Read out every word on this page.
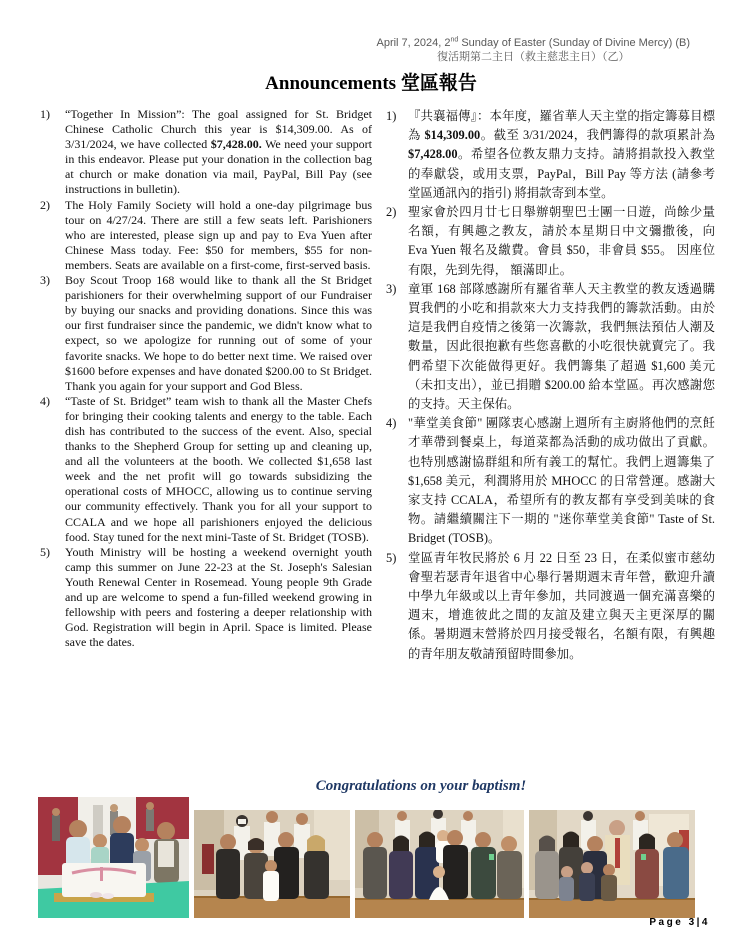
April 7, 2024, 2nd Sunday of Easter (Sunday of Divine Mercy) (B)
復活期第二主日（救主慈悲主日）（乙）
Announcements 堂區報告
1)	“Together In Mission”: The goal assigned for St. Bridget Chinese Catholic Church this year is $14,309.00. As of 3/31/2024, we have collected $7,428.00. We need your support in this endeavor. Please put your donation in the collection bag at church or make donation via mail, PayPal, Bill Pay (see instructions in bulletin).
2)	The Holy Family Society will hold a one-day pilgrimage bus tour on 4/27/24. There are still a few seats left. Parishioners who are interested, please sign up and pay to Eva Yuen after Chinese Mass today. Fee: $50 for members, $55 for non-members. Seats are available on a first-come, first-served basis.
3)	Boy Scout Troop 168 would like to thank all the St Bridget parishioners for their overwhelming support of our Fundraiser by buying our snacks and providing donations. Since this was our first fundraiser since the pandemic, we didn't know what to expect, so we apologize for running out of some of your favorite snacks. We hope to do better next time. We raised over $1600 before expenses and have donated $200.00 to St Bridget. Thank you again for your support and God Bless.
4)	“Taste of St. Bridget” team wish to thank all the Master Chefs for bringing their cooking talents and energy to the table. Each dish has contributed to the success of the event. Also, special thanks to the Shepherd Group for setting up and cleaning up, and all the volunteers at the booth. We collected $1,658 last week and the net profit will go towards subsidizing the operational costs of MHOCC, allowing us to continue serving our community effectively. Thank you for all your support to CCALA and we hope all parishioners enjoyed the delicious food. Stay tuned for the next mini-Taste of St. Bridget (TOSB).
5)	Youth Ministry will be hosting a weekend overnight youth camp this summer on June 22-23 at the St. Joseph's Salesian Youth Renewal Center in Rosemead. Young people 9th Grade and up are welcome to spend a fun-filled weekend growing in fellowship with peers and fostering a deeper relationship with God. Registration will begin in April. Space is limited. Please save the dates.
1) 『共襄福傳』：本年度，羅省華人天主堂的指定籌募目標為 $14,309.00。截至 3/31/2024，我們籌得的款項累計為 $7,428.00。希望各位教友鼎力支持。請將捐款投入教堂的奉獻袋，或用支票，PayPal，Bill Pay 等方法 (請參考堂區通訊內的指引) 將捐款寄到本堂。
2) 聖家會於四月廿七日舉辦朝聖巴士團一日遊，尚餘少量名額，有興趣之教友，請於本星期日中文彌撒後，向 Eva Yuen 報名及繳費。會員 $50，非會員 $55。 因座位有限，先到先得， 額滿即止。
3) 童軍 168 部隊感謝所有羅省華人天主教堂的教友透過購買我們的小吃和捐款來大力支持我們的籌款活動。由於這是我們自疫情之後第一次籌款，我們無法預估人潮及數量，因此很抱歉有些您喜歡的小吃很快就賣完了。我們希望下次能做得更好。我們籌集了超過 $1,600 美元（未扣支出），並已捐贈 $200.00 給本堂區。再次感謝您的支持。天主保佑。
4) "華堂美食節" 團隊衷心感謝上週所有主廚將他們的烹飪才華帶到餐桌上，每道菜都為活動的成功做出了貢獻。 也特別感謝協群組和所有義工的幫忙。我們上週籌集了$1,658 美元，利潤將用於 MHOCC 的日常營運。感謝大家支持 CCALA，希望所有的教友都有享受到美味的食物。請繼續關注下一期的 "迷你華堂美食節" Taste of St. Bridget (TOSB)。
5) 堂區青年牧民將於 6 月 22 日至 23 日，在柔似蜜市慈幼會聖若瑟青年退省中心舉行暑期週末青年營，歡迎升讀中學九年級或以上青年參加，共同渡過一個充滿喜樂的週末，增進彼此之間的友誼及建立與天主更深厚的關係。暑期週末營將於四月接受報名，名額有限，有興趣的青年朋友敬請預留時間參加。
Congratulations on your baptism!
Page 3|4
